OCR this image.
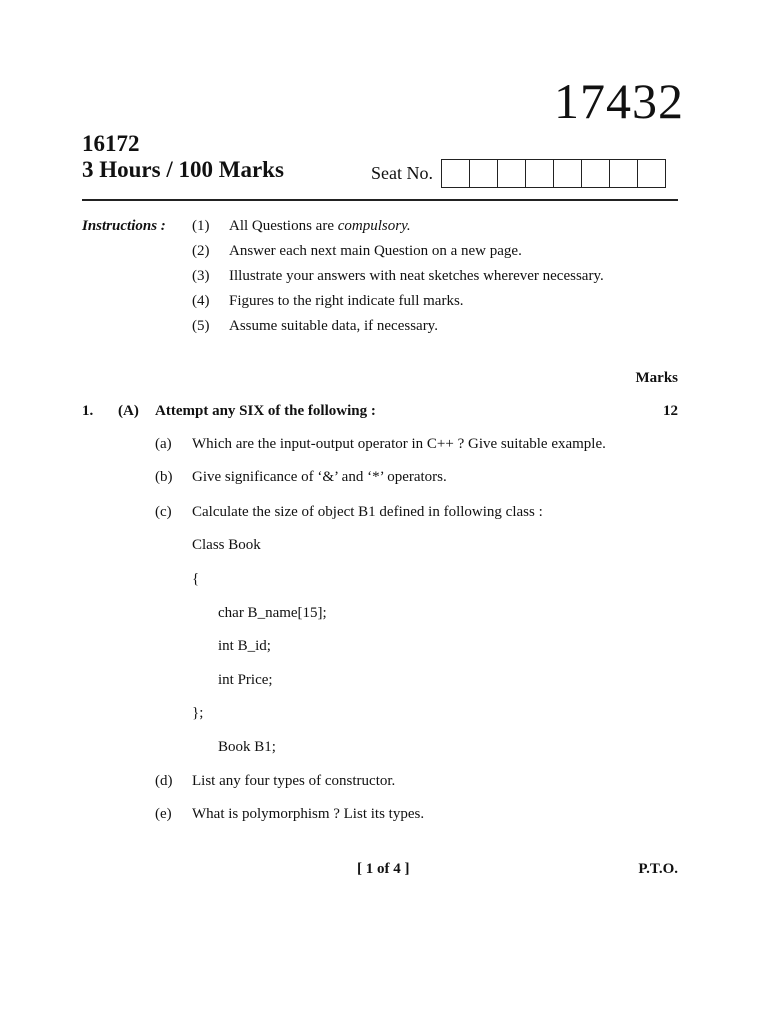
17432
16172
3 Hours / 100 Marks	Seat No.
Instructions : (1) All Questions are compulsory.
(2) Answer each next main Question on a new page.
(3) Illustrate your answers with neat sketches wherever necessary.
(4) Figures to the right indicate full marks.
(5) Assume suitable data, if necessary.
Marks
1. (A) Attempt any SIX of the following :	12
(a) Which are the input-output operator in C++ ? Give suitable example.
(b) Give significance of ‘&’ and ‘*’ operators.
(c) Calculate the size of object B1 defined in following class :
Class Book
{
char B_name[15];
int B_id;
int Price;
};
Book B1;
(d) List any four types of constructor.
(e) What is polymorphism ? List its types.
[ 1 of 4 ]	P.T.O.
